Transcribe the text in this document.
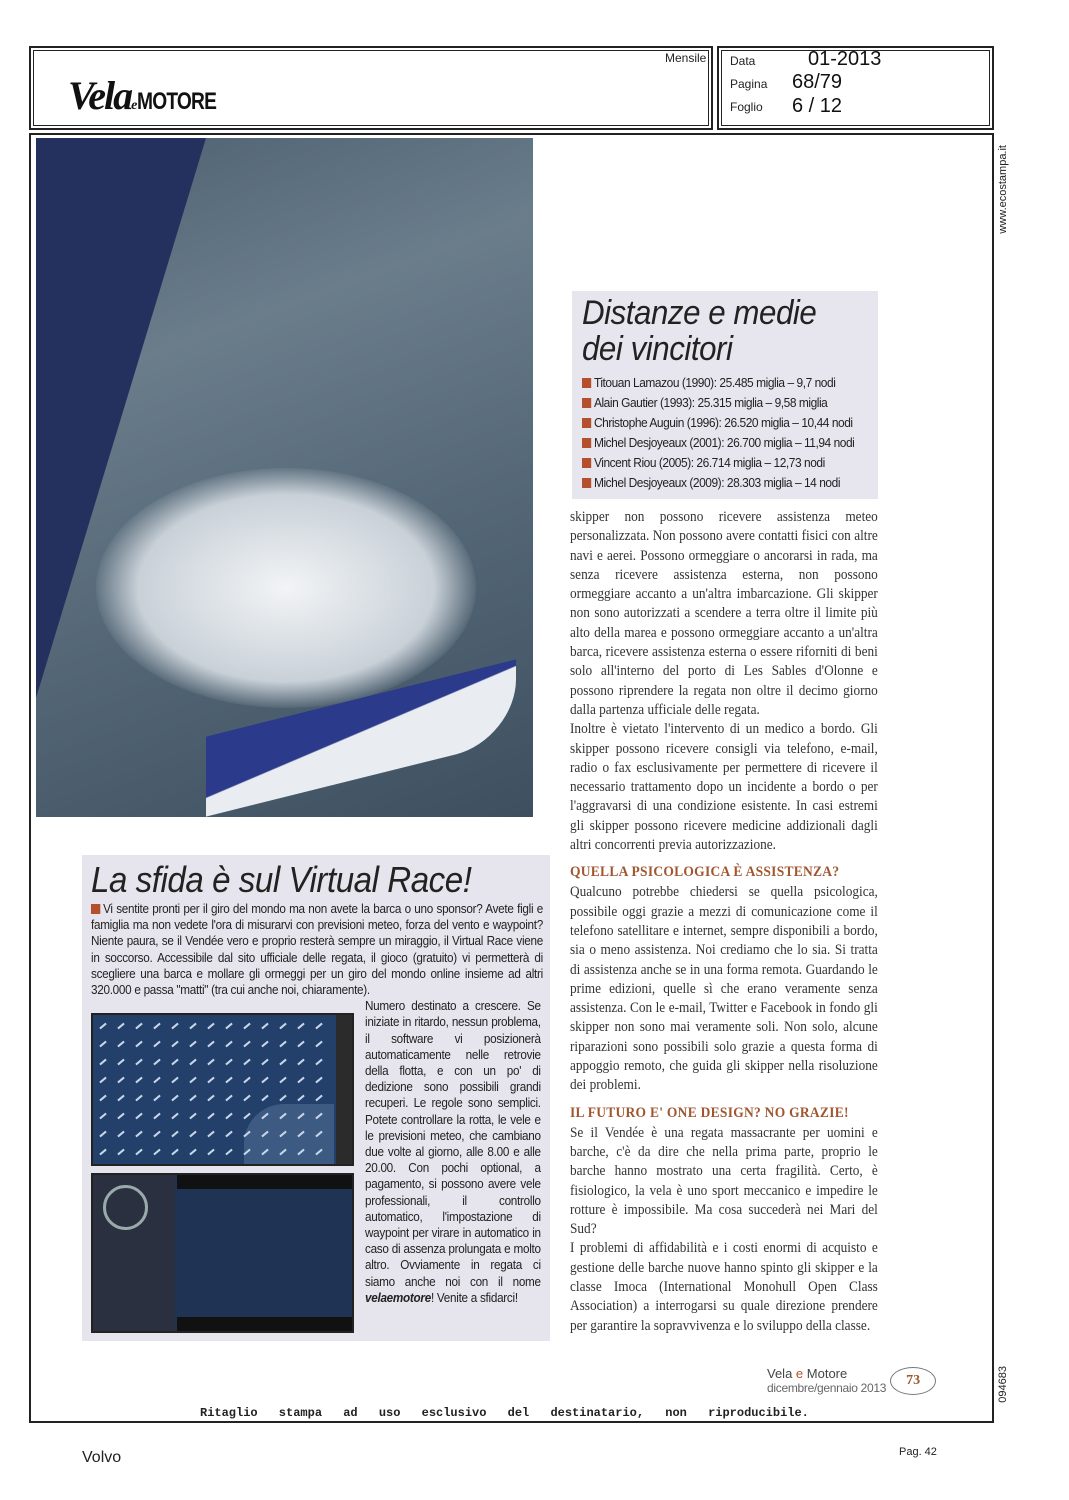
VelaeMOTORE
Mensile Data	01-2013
Pagina 68/79
Foglio 6 / 12
www.ecostampa.it
094683
Distanze e medie
dei vincitori
Titouan Lamazou (1990): 25.485 miglia – 9,7 nodi
Alain Gautier (1993): 25.315 miglia – 9,58 miglia
Christophe Auguin (1996): 26.520 miglia – 10,44 nodi
Michel Desjoyeaux (2001): 26.700 miglia – 11,94 nodi
Vincent Riou (2005): 26.714 miglia – 12,73 nodi
Michel Desjoyeaux (2009): 28.303 miglia – 14 nodi

skipper non possono ricevere assistenza meteo personalizzata. Non possono avere contatti fisici con altre navi e aerei. Possono ormeggiare o ancorarsi in rada, ma senza ricevere assistenza esterna, non possono ormeggiare accanto a un'altra imbarcazione. Gli skipper non sono autorizzati a scendere a terra oltre il limite più alto della marea e possono ormeggiare accanto a un'altra barca, ricevere assistenza esterna o essere riforniti di beni solo all'interno del porto di Les Sables d'Olonne e possono riprendere la regata non oltre il decimo giorno dalla partenza ufficiale delle regata.

Inoltre è vietato l'intervento di un medico a bordo. Gli skipper possono ricevere consigli via telefono, e-mail, radio o fax esclusivamente per permettere di ricevere il necessario trattamento dopo un incidente a bordo o per l'aggravarsi di una condizione esistente. In casi estremi gli skipper possono ricevere medicine addizionali dagli altri concorrenti previa autorizzazione.

QUELLA PSICOLOGICA È ASSISTENZA?

Qualcuno potrebbe chiedersi se quella psicologica, possibile oggi grazie a mezzi di comunicazione come il telefono satellitare e internet, sempre disponibili a bordo, sia o meno assistenza. Noi crediamo che lo sia. Si tratta di assistenza anche se in una forma remota. Guardando le prime edizioni, quelle sì che erano veramente senza assistenza. Con le e-mail, Twitter e Facebook in fondo gli skipper non sono mai veramente soli. Non solo, alcune riparazioni sono possibili solo grazie a questa forma di appoggio remoto, che guida gli skipper nella risoluzione dei problemi.

IL FUTURO E' ONE DESIGN? NO GRAZIE!

Se il Vendée è una regata massacrante per uomini e barche, c'è da dire che nella prima parte, proprio le barche hanno mostrato una certa fragilità. Certo, è fisiologico, la vela è uno sport meccanico e impedire le rotture è impossibile. Ma cosa succederà nei Mari del Sud?

I problemi di affidabilità e i costi enormi di acquisto e gestione delle barche nuove hanno spinto gli skipper e la classe Imoca (International Monohull Open Class Association) a interrogarsi su quale direzione prendere per garantire la sopravvivenza e lo sviluppo della classe.

La sfida è sul Virtual Race!

Vi sentite pronti per il giro del mondo ma non avete la barca o uno sponsor? Avete figli e famiglia ma non vedete l'ora di misurarvi con previsioni meteo, forza del vento e waypoint? Niente paura, se il Vendée vero e proprio resterà sempre un miraggio, il Virtual Race viene in soccorso. Accessibile dal sito ufficiale delle regata, il gioco (gratuito) vi permetterà di scegliere una barca e mollare gli ormeggi per un giro del mondo online insieme ad altri 320.000 e passa "matti" (tra cui anche noi, chiaramente).

Numero destinato a crescere. Se iniziate in ritardo, nessun problema, il software vi posizionerà automaticamente nelle retrovie della flotta, e con un po' di dedizione sono possibili grandi recuperi. Le regole sono semplici. Potete controllare la rotta, le vele e le previsioni meteo, che cambiano due volte al giorno, alle 8.00 e alle 20.00. Con pochi optional, a pagamento, si possono avere vele professionali, il controllo automatico, l'impostazione di waypoint per virare in automatico in caso di assenza prolungata e molto altro. Ovviamente in regata ci siamo anche noi con il nome velaemotore! Venite a sfidarci!

Vela e Motore
dicembre/gennaio 2013
73
Ritaglio stampa ad uso esclusivo del destinatario, non riproducibile.
Volvo	Pag. 42
